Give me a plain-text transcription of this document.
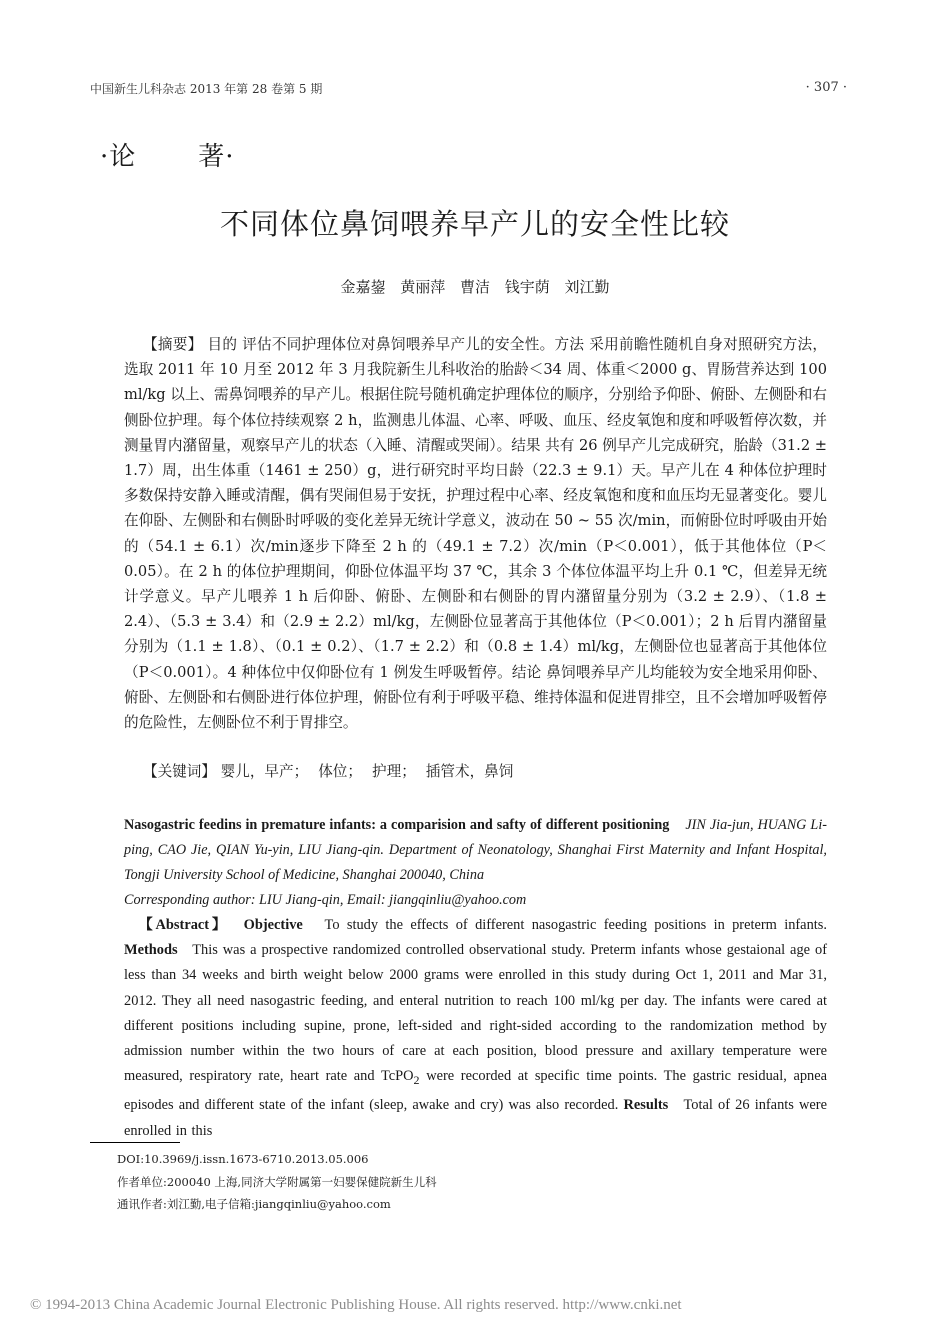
中国新生儿科杂志 2013 年第 28 卷第 5 期	· 307 ·
·论 著·
不同体位鼻饲喂养早产儿的安全性比较
金嘉鋆 黄丽萍 曹洁 钱宇荫 刘江勤

【摘要】 目的 评估不同护理体位对鼻饲喂养早产儿的安全性。方法 采用前瞻性随机自身对照研究方法，选取 2011 年 10 月至 2012 年 3 月我院新生儿科收治的胎龄＜34 周、体重＜2000 g、胃肠营养达到 100 ml/kg 以上、需鼻饲喂养的早产儿。根据住院号随机确定护理体位的顺序，分别给予仰卧、俯卧、左侧卧和右侧卧位护理。每个体位持续观察 2 h，监测患儿体温、心率、呼吸、血压、经皮氧饱和度和呼吸暂停次数，并测量胃内潴留量，观察早产儿的状态（入睡、清醒或哭闹）。结果 共有 26 例早产儿完成研究，胎龄（31.2 ± 1.7）周，出生体重（1461 ± 250）g，进行研究时平均日龄（22.3 ± 9.1）天。早产儿在 4 种体位护理时多数保持安静入睡或清醒，偶有哭闹但易于安抚，护理过程中心率、经皮氧饱和度和血压均无显著变化。婴儿在仰卧、左侧卧和右侧卧时呼吸的变化差异无统计学意义，波动在 50 ~ 55 次/min，而俯卧位时呼吸由开始的（54.1 ± 6.1）次/min逐步下降至 2 h 的（49.1 ± 7.2）次/min（P＜0.001），低于其他体位（P＜0.05）。在 2 h 的体位护理期间，仰卧位体温平均 37 ℃，其余 3 个体位体温平均上升 0.1 ℃，但差异无统计学意义。早产儿喂养 1 h 后仰卧、俯卧、左侧卧和右侧卧的胃内潴留量分别为（3.2 ± 2.9）、（1.8 ± 2.4）、（5.3 ± 3.4）和（2.9 ± 2.2）ml/kg，左侧卧位显著高于其他体位（P＜0.001）；2 h 后胃内潴留量分别为（1.1 ± 1.8）、（0.1 ± 0.2）、（1.7 ± 2.2）和（0.8 ± 1.4）ml/kg，左侧卧位也显著高于其他体位（P＜0.001）。4 种体位中仅仰卧位有 1 例发生呼吸暂停。结论 鼻饲喂养早产儿均能较为安全地采用仰卧、俯卧、左侧卧和右侧卧进行体位护理，俯卧位有利于呼吸平稳、维持体温和促进胃排空，且不会增加呼吸暂停的危险性，左侧卧位不利于胃排空。

【关键词】 婴儿，早产； 体位； 护理； 插管术，鼻饲

Nasogastric feedins in premature infants: a comparision and safty of different positioning JIN Jia-jun, HUANG Li-ping, CAO Jie, QIAN Yu-yin, LIU Jiang-qin. Department of Neonatology, Shanghai First Maternity and Infant Hospital, Tongji University School of Medicine, Shanghai 200040, China
Corresponding author: LIU Jiang-qin, Email: jiangqinliu@yahoo.com

【Abstract】 Objective To study the effects of different nasogastric feeding positions in preterm infants. Methods This was a prospective randomized controlled observational study. Preterm infants whose gestaional age of less than 34 weeks and birth weight below 2000 grams were enrolled in this study during Oct 1, 2011 and Mar 31, 2012. They all need nasogastric feeding, and enteral nutrition to reach 100 ml/kg per day. The infants were cared at different positions including supine, prone, left-sided and right-sided according to the randomization method by admission number within the two hours of care at each position, blood pressure and axillary temperature were measured, respiratory rate, heart rate and TcPO$_2$ were recorded at specific time points. The gastric residual, apnea episodes and different state of the infant (sleep, awake and cry) was also recorded. Results Total of 26 infants were enrolled in this

DOI:10.3969/j.issn.1673-6710.2013.05.006
作者单位:200040 上海,同济大学附属第一妇婴保健院新生儿科
通讯作者:刘江勤,电子信箱:jiangqinliu@yahoo.com
© 1994-2013 China Academic Journal Electronic Publishing House. All rights reserved. http://www.cnki.net
